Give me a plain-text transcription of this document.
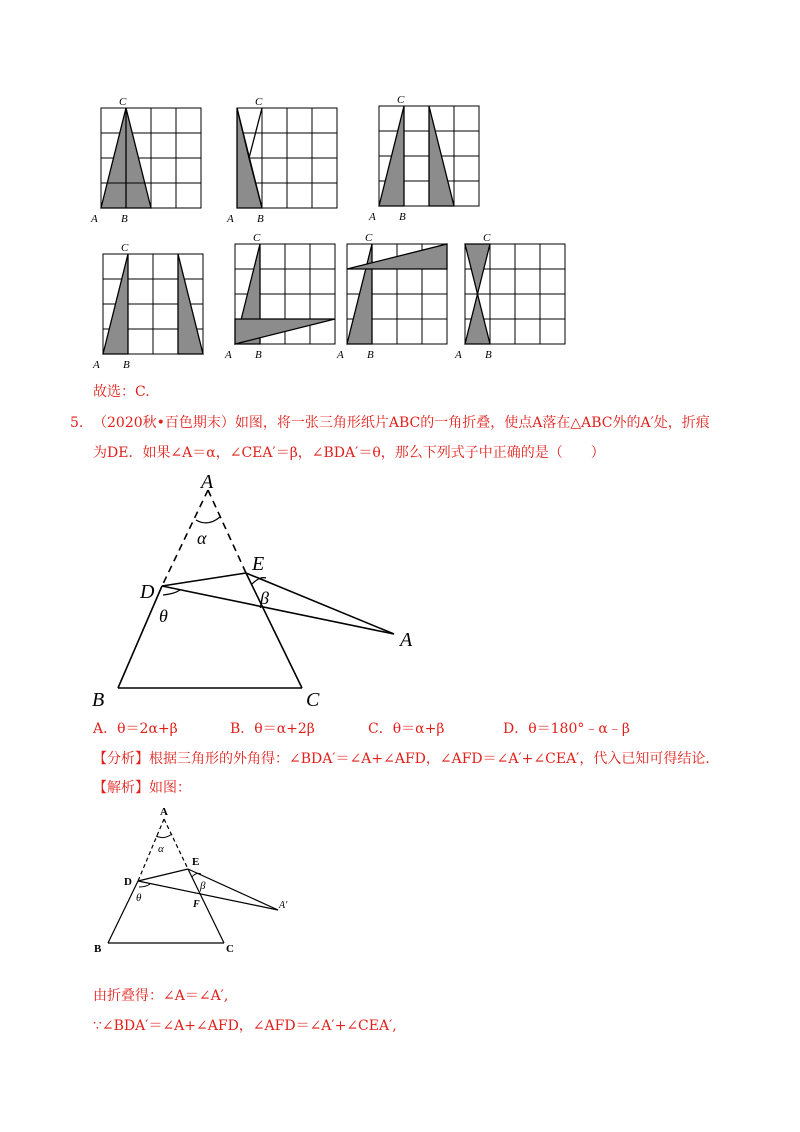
C
A B
C
A B
C
A B
C
A B
C
A B
C
A B
C
A B
故选：C.
5. （2020秋•百色期末）如图，将一张三角形纸片ABC的一角折叠，使点A落在△ABC外的A′处，折痕
为DE．如果∠A＝α，∠CEA′＝β，∠BDA′＝θ，那么下列式子中正确的是（　　）
A
α
E
D	β
θ
A
B	C
A．θ＝2α+β	B．θ＝α+2β	C．θ＝α+β	D．θ＝180°﹣α﹣β
【分析】根据三角形的外角得：∠BDA′＝∠A+∠AFD，∠AFD＝∠A′+∠CEA′，代入已知可得结论．
【解析】如图：
A
α
E
D	β
θ
F	A'
B	C
由折叠得：∠A＝∠A′,
∵∠BDA′＝∠A+∠AFD，∠AFD＝∠A′+∠CEA′,
